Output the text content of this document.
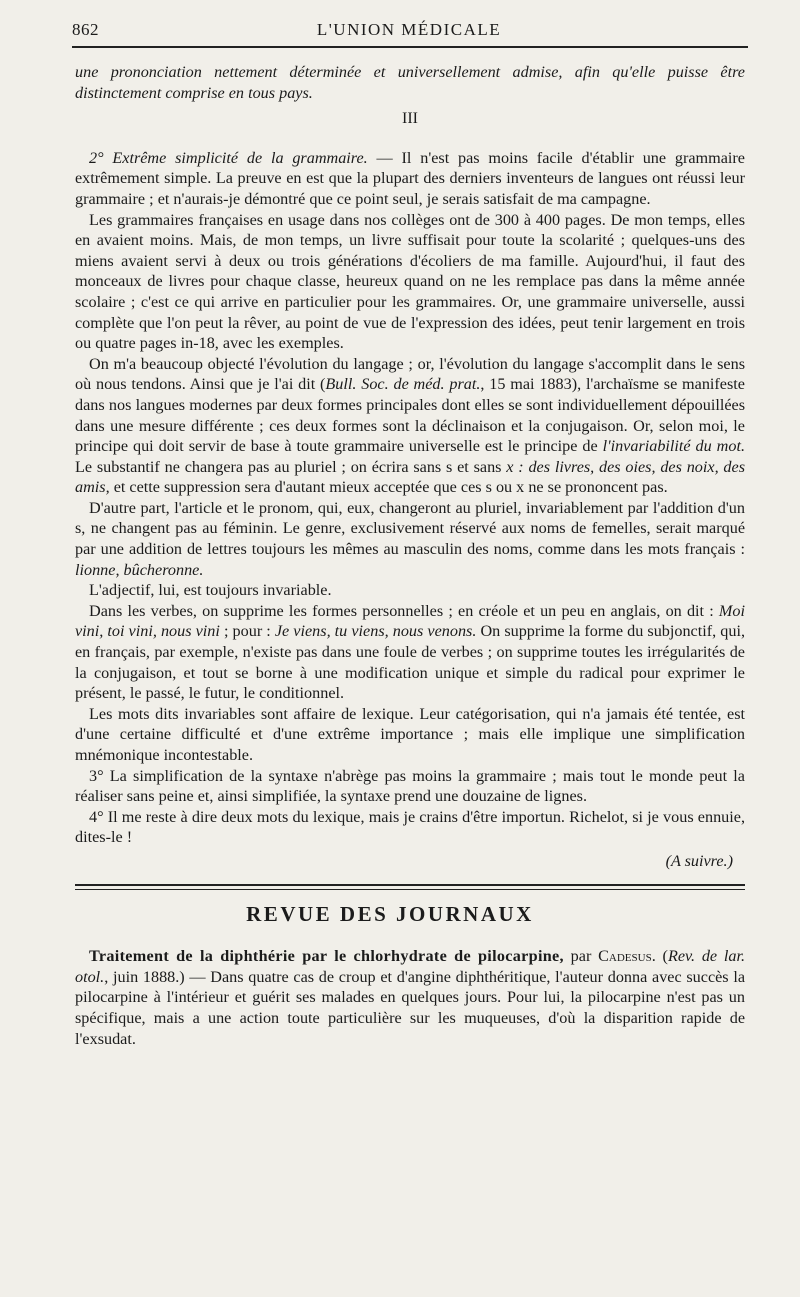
862	L'UNION MÉDICALE

une prononciation nettement déterminée et universellement admise, afin qu'elle puisse être distinctement comprise en tous pays.

III

2° Extrême simplicité de la grammaire. — Il n'est pas moins facile d'établir une grammaire extrêmement simple. La preuve en est que la plupart des derniers inventeurs de langues ont réussi leur grammaire ; et n'aurais-je démontré que ce point seul, je serais satisfait de ma campagne.

Les grammaires françaises en usage dans nos collèges ont de 300 à 400 pages. De mon temps, elles en avaient moins. Mais, de mon temps, un livre suffisait pour toute la scolarité ; quelques-uns des miens avaient servi à deux ou trois générations d'écoliers de ma famille. Aujourd'hui, il faut des monceaux de livres pour chaque classe, heureux quand on ne les remplace pas dans la même année scolaire ; c'est ce qui arrive en particulier pour les grammaires. Or, une grammaire universelle, aussi complète que l'on peut la rêver, au point de vue de l'expression des idées, peut tenir largement en trois ou quatre pages in-18, avec les exemples.

On m'a beaucoup objecté l'évolution du langage ; or, l'évolution du langage s'accomplit dans le sens où nous tendons. Ainsi que je l'ai dit (Bull. Soc. de méd. prat., 15 mai 1883), l'archaïsme se manifeste dans nos langues modernes par deux formes principales dont elles se sont individuellement dépouillées dans une mesure différente ; ces deux formes sont la déclinaison et la conjugaison. Or, selon moi, le principe qui doit servir de base à toute grammaire universelle est le principe de l'invariabilité du mot. Le substantif ne changera pas au pluriel ; on écrira sans s et sans x : des livres, des oies, des noix, des amis, et cette suppression sera d'autant mieux acceptée que ces s ou x ne se prononcent pas.

D'autre part, l'article et le pronom, qui, eux, changeront au pluriel, invariablement par l'addition d'un s, ne changent pas au féminin. Le genre, exclusivement réservé aux noms de femelles, serait marqué par une addition de lettres toujours les mêmes au masculin des noms, comme dans les mots français : lionne, bûcheronne.

L'adjectif, lui, est toujours invariable.

Dans les verbes, on supprime les formes personnelles ; en créole et un peu en anglais, on dit : Moi vini, toi vini, nous vini ; pour : Je viens, tu viens, nous venons. On supprime la forme du subjonctif, qui, en français, par exemple, n'existe pas dans une foule de verbes ; on supprime toutes les irrégularités de la conjugaison, et tout se borne à une modification unique et simple du radical pour exprimer le présent, le passé, le futur, le conditionnel.

Les mots dits invariables sont affaire de lexique. Leur catégorisation, qui n'a jamais été tentée, est d'une certaine difficulté et d'une extrême importance ; mais elle implique une simplification mnémonique incontestable.

3° La simplification de la syntaxe n'abrège pas moins la grammaire ; mais tout le monde peut la réaliser sans peine et, ainsi simplifiée, la syntaxe prend une douzaine de lignes.

4° Il me reste à dire deux mots du lexique, mais je crains d'être importun. Richelot, si je vous ennuie, dites-le !

(A suivre.)
REVUE DES JOURNAUX

Traitement de la diphthérie par le chlorhydrate de pilocarpine, par Cadesus. (Rev. de lar. otol., juin 1888.) — Dans quatre cas de croup et d'angine diphthéritique, l'auteur donna avec succès la pilocarpine à l'intérieur et guérit ses malades en quelques jours. Pour lui, la pilocarpine n'est pas un spécifique, mais a une action toute particulière sur les muqueuses, d'où la disparition rapide de l'exsudat.
